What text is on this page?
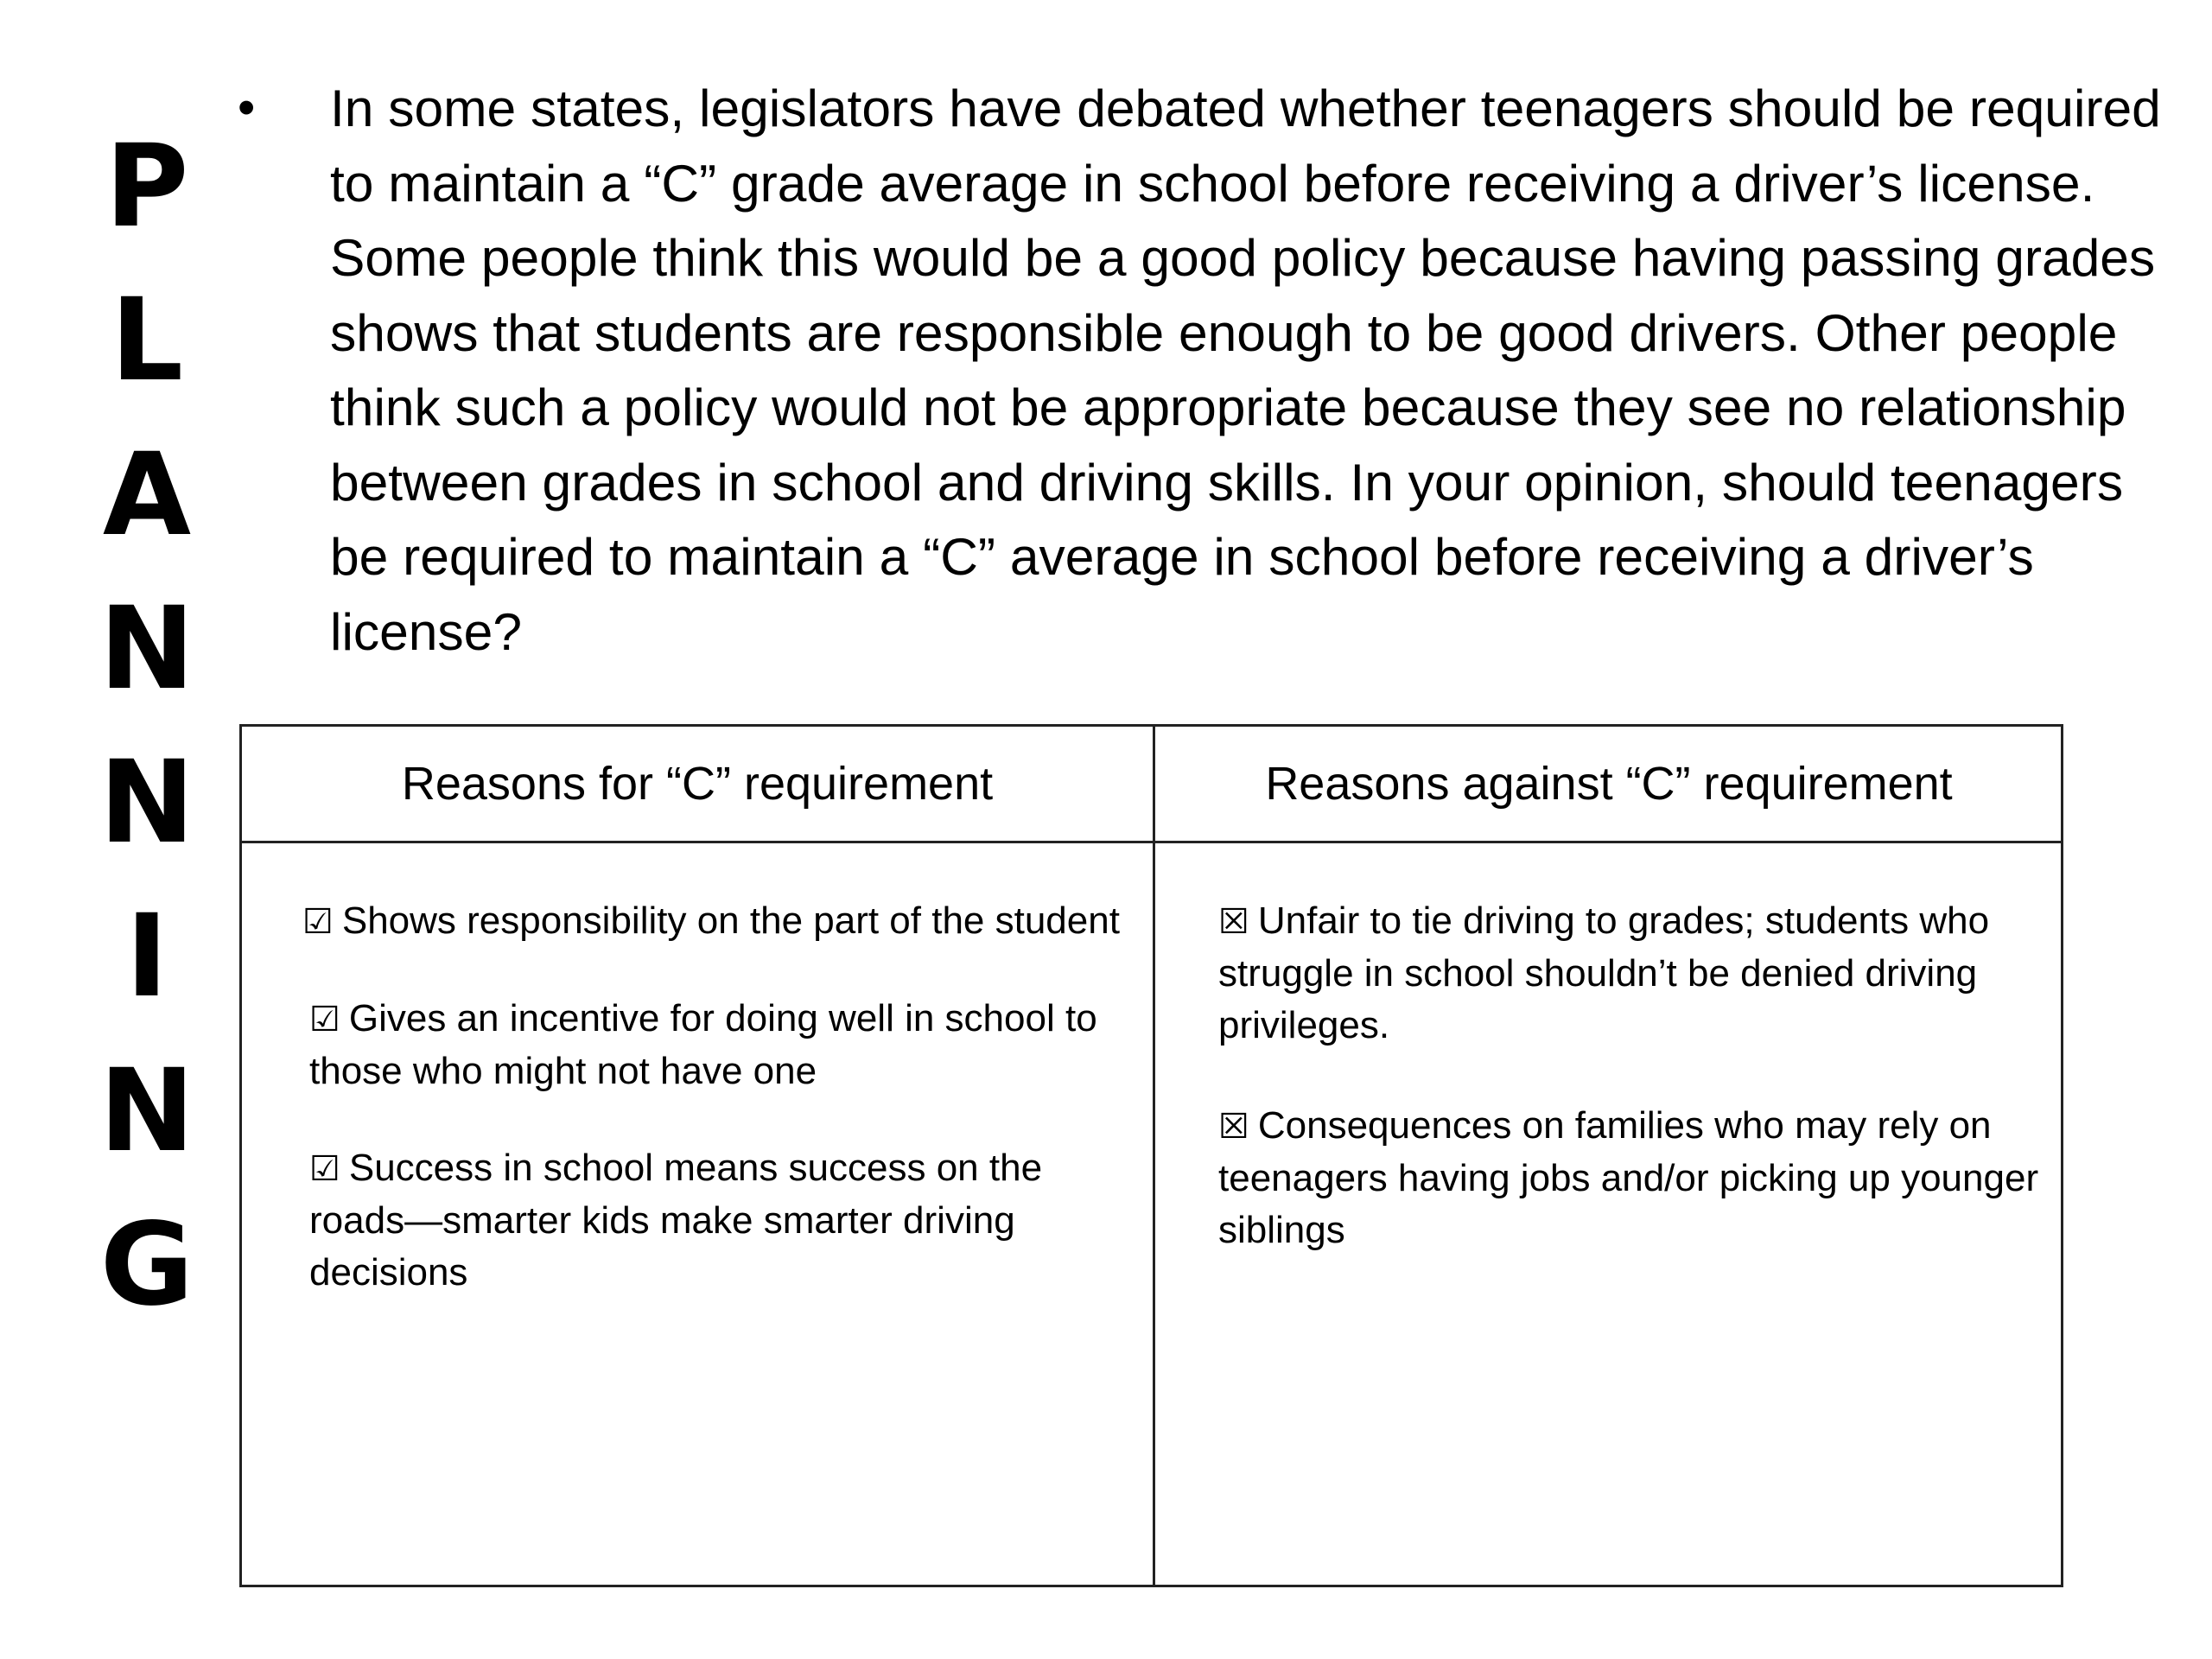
P
L
A
N
N
I
N
G
• In some states, legislators have debated whether teenagers should be required to maintain a “C” grade average in school before receiving a driver’s license. Some people think this would be a good policy because having passing grades shows that students are responsible enough to be good drivers. Other people think such a policy would not be appropriate because they see no relationship between grades in school and driving skills. In your opinion, should teenagers be required to maintain a “C” average in school before receiving a driver’s license?

Reasons for “C” requirement	Reasons against “C” requirement
☑ Shows responsibility on the part of the student
☑ Gives an incentive for doing well in school to those who might not have one
☑ Success in school means success on the roads—smarter kids make smarter driving decisions
☒ Unfair to tie driving to grades; students who struggle in school shouldn’t be denied driving privileges.
☒ Consequences on families who may rely on teenagers having jobs and/or picking up younger siblings
